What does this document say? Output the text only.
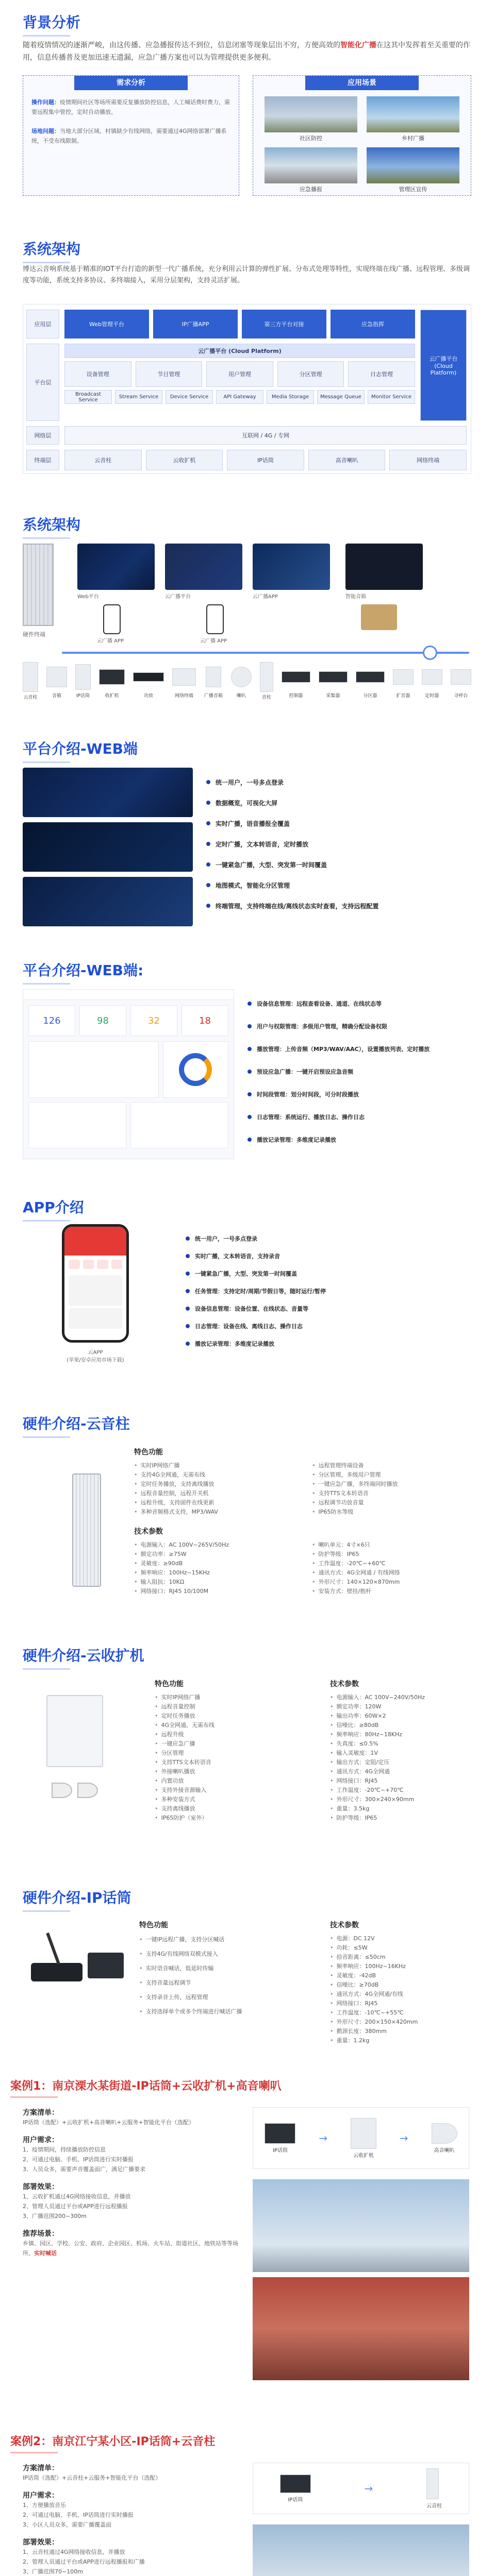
背景分析

随着疫情情况的逐渐严峻，由这传播、应急播报传达不到位，信息闭塞等现象层出不穷，方便高效的智能化广播在这其中发挥着至关重要的作用，信息传播普及更加迅速无遗漏，应急广播方案也可以为管理提供更多便利。

需求分析

操作问题：疫情期间社区等场所需要反复播放防控信息，人工喊话费时费力，需要远程集中管控，定时自动播放。

场地问题：当地大部分区域、村镇缺少有线网络，需要通过4G网络部署广播系统，不受布线限制。

应用场景
社区防控	乡村广播
应急播报	管理区宣传
系统架构

博达云音响系统基于精准的IOT平台打造的新型一代广播系统，充分利用云计算的弹性扩展、分布式处理等特性，实现终端在线广播、远程管理、多级调度等功能，系统支持多协议、多终端接入，采用分层架构，支持灵活扩展。

应用层
平台层
网络层
终端层
Web管理平台	IP广播APP	第三方平台对接	应急指挥
云广播平台 (Cloud Platform)
云广播平台 (Cloud Platform)
设备管理	节目管理	用户管理	分区管理	日志管理
Broadcast Service	Stream Service	Device Service	API Gateway	Media Storage	Message Queue	Monitor Service
互联网 / 4G / 专网
云音柱	云收扩机	IP话筒	高音喇叭	网络终端
系统架构
硬件终端
Web平台	云广播平台	云广播APP	智能音箱
云广播 APP	云广播 APP
云音柱	音箱	IP话筒	收扩机	功放	网络终端	广播音箱	喇叭	音柱	控制器	采集器	分区器	扩音器	定时器	寻呼台
平台介绍-WEB端
统一用户，一号多点登录
数据概览，可视化大屏
实时广播，语音播报全覆盖
定时广播，文本转语音，定时播放
一键紧急广播，大型、突发第一时间覆盖
地图模式，智能化分区管理
终端管理，支持终端在线/离线状态实时查看，支持远程配置
平台介绍-WEB端:
126	98	32	18
设备信息管理：远程查看设备、通道、在线状态等
用户与权限管理：多级用户管理，精确分配设备权限
播放管理：上传音频（MP3/WAV/AAC），设置播放列表、定时播放
预设应急广播：一键开启预设应急音频
时间段管理：划分时间段，可分时段播放
日志管理：系统运行、播放日志、操作日志
播放记录管理：多维度记录播放
APP介绍
云APP
(苹果/安卓应用市场下载)
统一用户，一号多点登录
实时广播，文本转语音，支持录音
一键紧急广播，大型、突发第一时间覆盖
任务管理：支持定时/周期/节假日等，随时运行/暂停
设备信息管理：设备位置、在线状态、音量等
日志管理：设备在线、离线日志、操作日志
播放记录管理：多维度记录播放
硬件介绍-云音柱
特色功能
• 实时IP网络广播
• 支持4G全网通，无需布线
• 定时任务播放，支持离线播放
• 远程音量控制，远程开关机
• 远程升级，支持固件在线更新
• 多种音频格式支持，MP3/WAV
• 远程管理终端设备
• 分区管理，多级用户管理
• 一键应急广播，多终端同时播放
• 支持TTS文本转语音
• 远程调节功放音量
• IP65防水等级
技术参数
• 电源输入：AC 100V~265V/50Hz
• 额定功率：≥75W
• 灵敏度：≥90dB
• 频率响应：100Hz~15KHz
• 输入阻抗：10KΩ
• 网络接口：RJ45 10/100M
• 喇叭单元：4寸×6只
• 防护等级：IP65
• 工作温度：-20℃~+60℃
• 通讯方式：4G全网通 / 有线网络
• 外形尺寸：140×120×870mm
• 安装方式：壁挂/抱杆
硬件介绍-云收扩机
特色功能
• 实时IP网络广播
• 远程音量控制
• 定时任务播放
• 4G全网通，无需布线
• 远程升级
• 一键应急广播
• 分区管理
• 支持TTS文本转语音
• 外接喇叭播放
• 内置功放
• 支持外接音源输入
• 多种安装方式
• 支持离线播放
• IP65防护（室外）
技术参数
• 电源输入：AC 100V~240V/50Hz
• 额定功率：120W
• 输出功率：60W×2
• 信噪比：≥80dB
• 频率响应：80Hz~18KHz
• 失真度：≤0.5%
• 输入灵敏度：1V
• 输出方式：定阻/定压
• 通讯方式：4G全网通
• 网络接口：RJ45
• 工作温度：-20℃~+70℃
• 外形尺寸：300×240×90mm
• 重量：3.5kg
• 防护等级：IP65
硬件介绍-IP话筒
特色功能
• 一键IP远程广播，支持分区喊话
• 支持4G/有线网络双模式接入
• 实时语音喊话，低延时传输
• 支持音量远程调节
• 支持录音上传，远程管理
• 支持选择单个或多个终端进行喊话广播
技术参数
• 电源：DC 12V
• 功耗：≤5W
• 拾音距离：≤50cm
• 频率响应：100Hz~16KHz
• 灵敏度：-42dB
• 信噪比：≥70dB
• 通讯方式：4G全网通/有线
• 网络接口：RJ45
• 工作温度：-10℃~+55℃
• 外形尺寸：200×150×420mm
• 鹅颈长度：380mm
• 重量：1.2kg
案例1：南京溧水某街道-IP话筒+云收扩机+高音喇叭
方案清单：

IP话筒（选配）+云收扩机+高音喇叭+云服务+智能化平台（选配）

用户需求：

1、疫情期间，持续播放防控信息

2、可通过电脑、手机、IP话筒进行实时播报

3、人员众多，需要声音覆盖面广，满足广播要求

部署效果：

1、云收扩机通过4G网络接收信息，并播放

2、管理人员通过平台或APP进行远程播报

3、广播范围200~300m

推荐场景：

乡镇、园区、学校、公安、政府、企业园区、机场、火车站、街道社区、地铁站等等场所，实时喊话

IP话筒
→
云收扩机
→
高音喇叭
案例2：南京江宁某小区-IP话筒+云音柱
方案清单：

IP话筒（选配）+云音柱+云服务+智能化平台（选配）

用户需求：

1、方便播放音乐

2、可通过电脑、手机、IP话筒进行实时播报

3、小区人员众多，需要广播覆盖面

部署效果：

1、云音柱通过4G网络接收信息，并播放

2、管理人员通过平台或APP进行远程播报和广播

3、广播范围70~100m

IP话筒
→
云音柱
